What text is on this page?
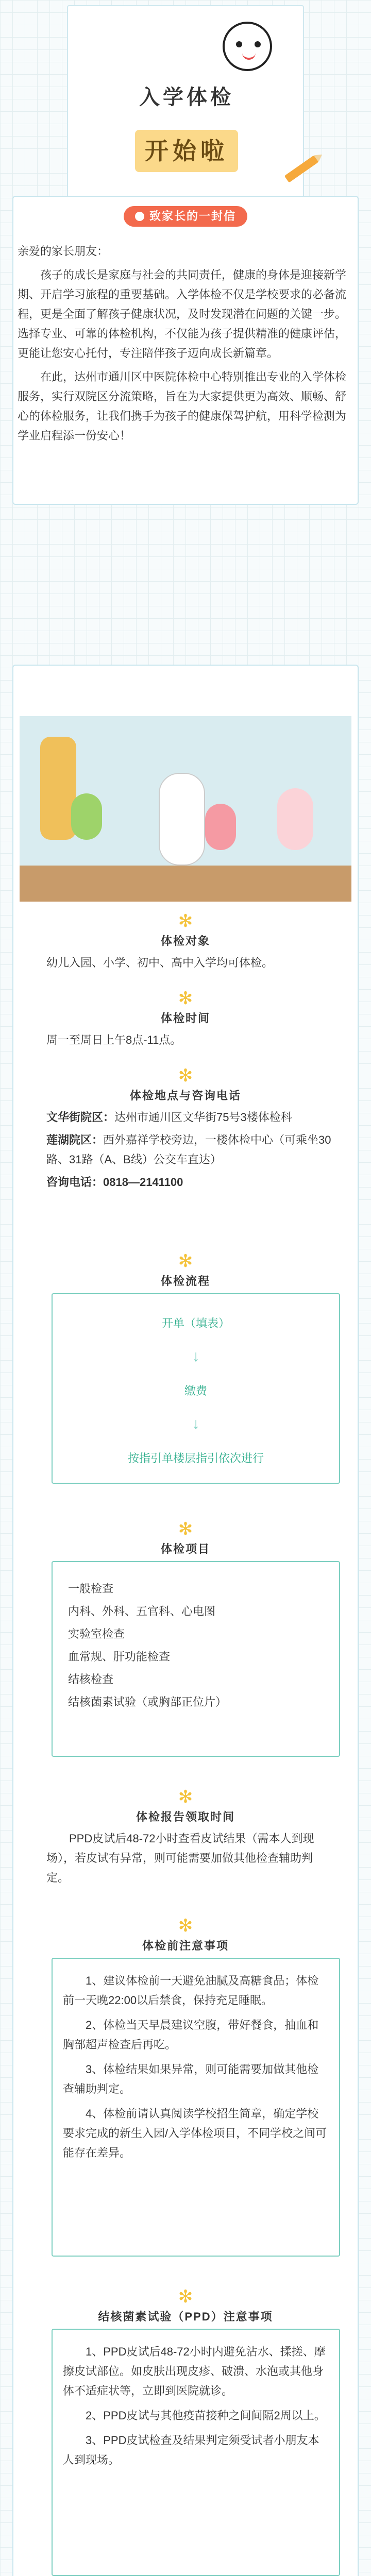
入学体检
开始啦
致家长的一封信

亲爱的家长朋友：

孩子的成长是家庭与社会的共同责任，健康的身体是迎接新学期、开启学习旅程的重要基础。入学体检不仅是学校要求的必备流程，更是全面了解孩子健康状况，及时发现潜在问题的关键一步。选择专业、可靠的体检机构，不仅能为孩子提供精准的健康评估，更能让您安心托付，专注陪伴孩子迈向成长新篇章。

在此，达州市通川区中医院体检中心特别推出专业的入学体检服务，实行双院区分流策略，旨在为大家提供更为高效、顺畅、舒心的体检服务，让我们携手为孩子的健康保驾护航，用科学检测为学业启程添一份安心！

✻
体检对象
幼儿入园、小学、初中、高中入学均可体检。
✻
体检时间
周一至周日上午8点-11点。
✻
体检地点与咨询电话
文华街院区：达州市通川区文华街75号3楼体检科
莲湖院区：西外嘉祥学校旁边，一楼体检中心（可乘坐30路、31路（A、B线）公交车直达）
咨询电话：0818—2141100
✻
体检流程
开单（填表）
↓
缴费
↓
按指引单楼层指引依次进行
✻
体检项目
一般检查
内科、外科、五官科、心电图
实验室检查
血常规、肝功能检查
结核检查
结核菌素试验（或胸部正位片）
✻
体检报告领取时间
PPD皮试后48-72小时查看皮试结果（需本人到现场），若皮试有异常，则可能需要加做其他检查辅助判定。
✻
体检前注意事项

1、建议体检前一天避免油腻及高糖食品；体检前一天晚22:00以后禁食，保持充足睡眠。

2、体检当天早晨建议空腹，带好餐食，抽血和胸部超声检查后再吃。

3、体检结果如果异常，则可能需要加做其他检查辅助判定。

4、体检前请认真阅读学校招生简章，确定学校要求完成的新生入园/入学体检项目，不同学校之间可能存在差异。

✻
结核菌素试验（PPD）注意事项

1、PPD皮试后48-72小时内避免沾水、揉搓、摩擦皮试部位。如皮肤出现皮疹、破溃、水泡或其他身体不适症状等，立即到医院就诊。

2、PPD皮试与其他疫苗接种之间间隔2周以上。

3、PPD皮试检查及结果判定须受试者小朋友本人到现场。
